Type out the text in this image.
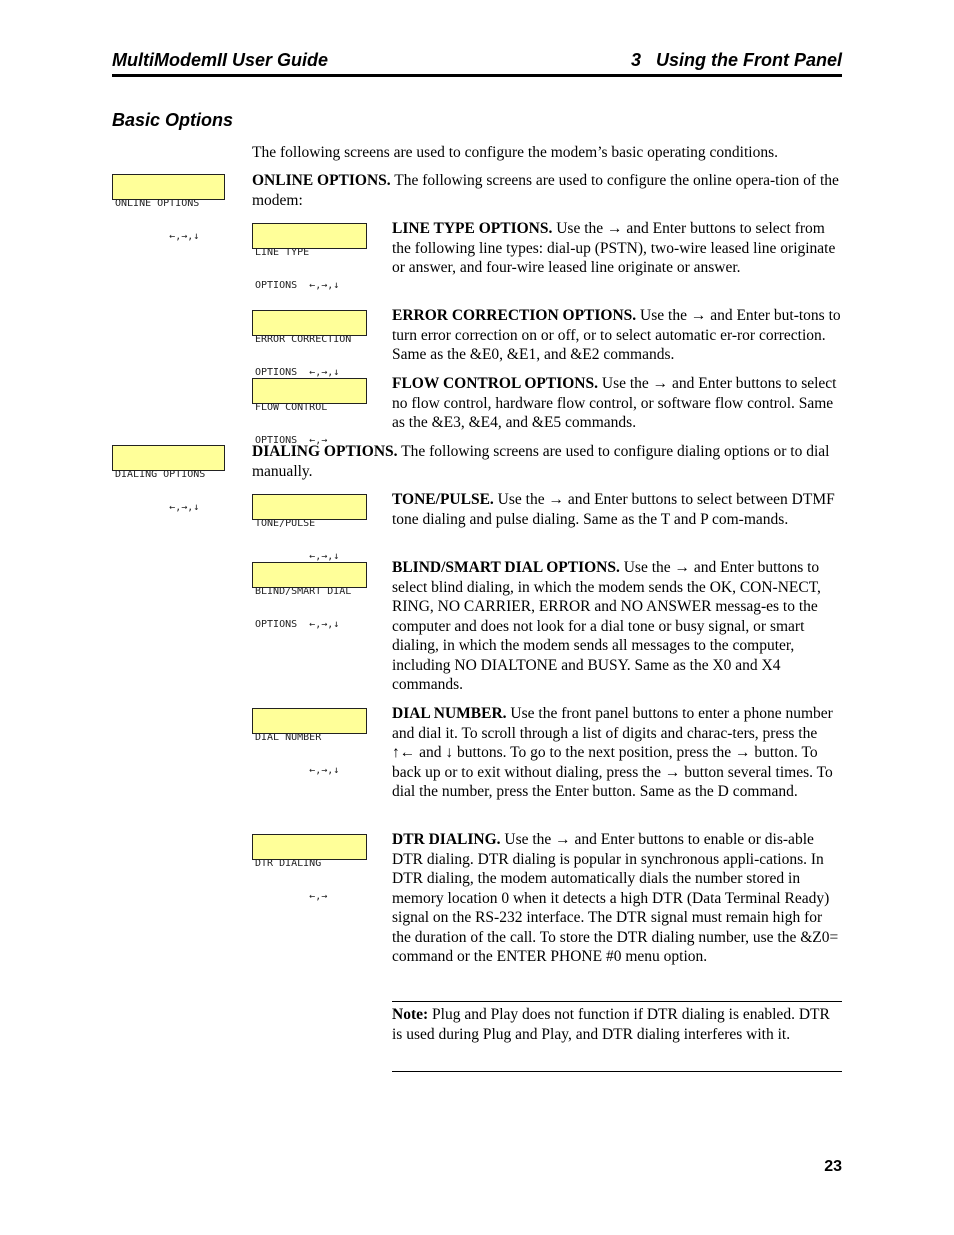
MultiModemII User Guide	3   Using the Front Panel
Basic Options
The following screens are used to configure the modem’s basic operating conditions.

ONLINE OPTIONS

←,→,↓

ONLINE OPTIONS. The following screens are used to configure the online opera-tion of the modem:

LINE TYPE

OPTIONS  ←,→,↓

LINE TYPE OPTIONS. Use the → and Enter buttons to select from the following line types: dial-up (PSTN), two-wire leased line originate or answer, and four-wire leased line originate or answer.

ERROR CORRECTION

OPTIONS  ←,→,↓

ERROR CORRECTION OPTIONS. Use the → and Enter but-tons to turn error correction on or off, or to select automatic er-ror correction. Same as the &E0, &E1, and &E2 commands.

FLOW CONTROL

OPTIONS  ←,→

FLOW CONTROL OPTIONS. Use the → and Enter buttons to select no flow control, hardware flow control, or software flow control. Same as the &E3, &E4, and &E5 commands.

DIALING OPTIONS

←,→,↓

DIALING OPTIONS. The following screens are used to configure dialing options or to dial manually.

TONE/PULSE

←,→,↓

TONE/PULSE. Use the → and Enter buttons to select between DTMF tone dialing and pulse dialing. Same as the T and P com-mands.

BLIND/SMART DIAL

OPTIONS  ←,→,↓

BLIND/SMART DIAL OPTIONS. Use the → and Enter buttons to select blind dialing, in which the modem sends the OK, CON-NECT, RING, NO CARRIER, ERROR and NO ANSWER messag-es to the computer and does not look for a dial tone or busy signal, or smart dialing, in which the modem sends all messages to the computer, including NO DIALTONE and BUSY. Same as the X0 and X4 commands.

DIAL NUMBER

←,→,↓

DIAL NUMBER. Use the front panel buttons to enter a phone number and dial it. To scroll through a list of digits and charac-ters, press the ↑← and ↓ buttons. To go to the next position, press the → button. To back up or to exit without dialing, press the → button several times. To dial the number, press the Enter button. Same as the D command.

DTR DIALING

←,→

DTR DIALING. Use the → and Enter buttons to enable or dis-able DTR dialing. DTR dialing is popular in synchronous appli-cations. In DTR dialing, the modem automatically dials the number stored in memory location 0 when it detects a high DTR (Data Terminal Ready) signal on the RS-232 interface. The DTR signal must remain high for the duration of the call. To store the DTR dialing number, use the &Z0= command or the ENTER PHONE #0 menu option.
Note: Plug and Play does not function if DTR dialing is enabled. DTR is used during Plug and Play, and DTR dialing interferes with it.
23
